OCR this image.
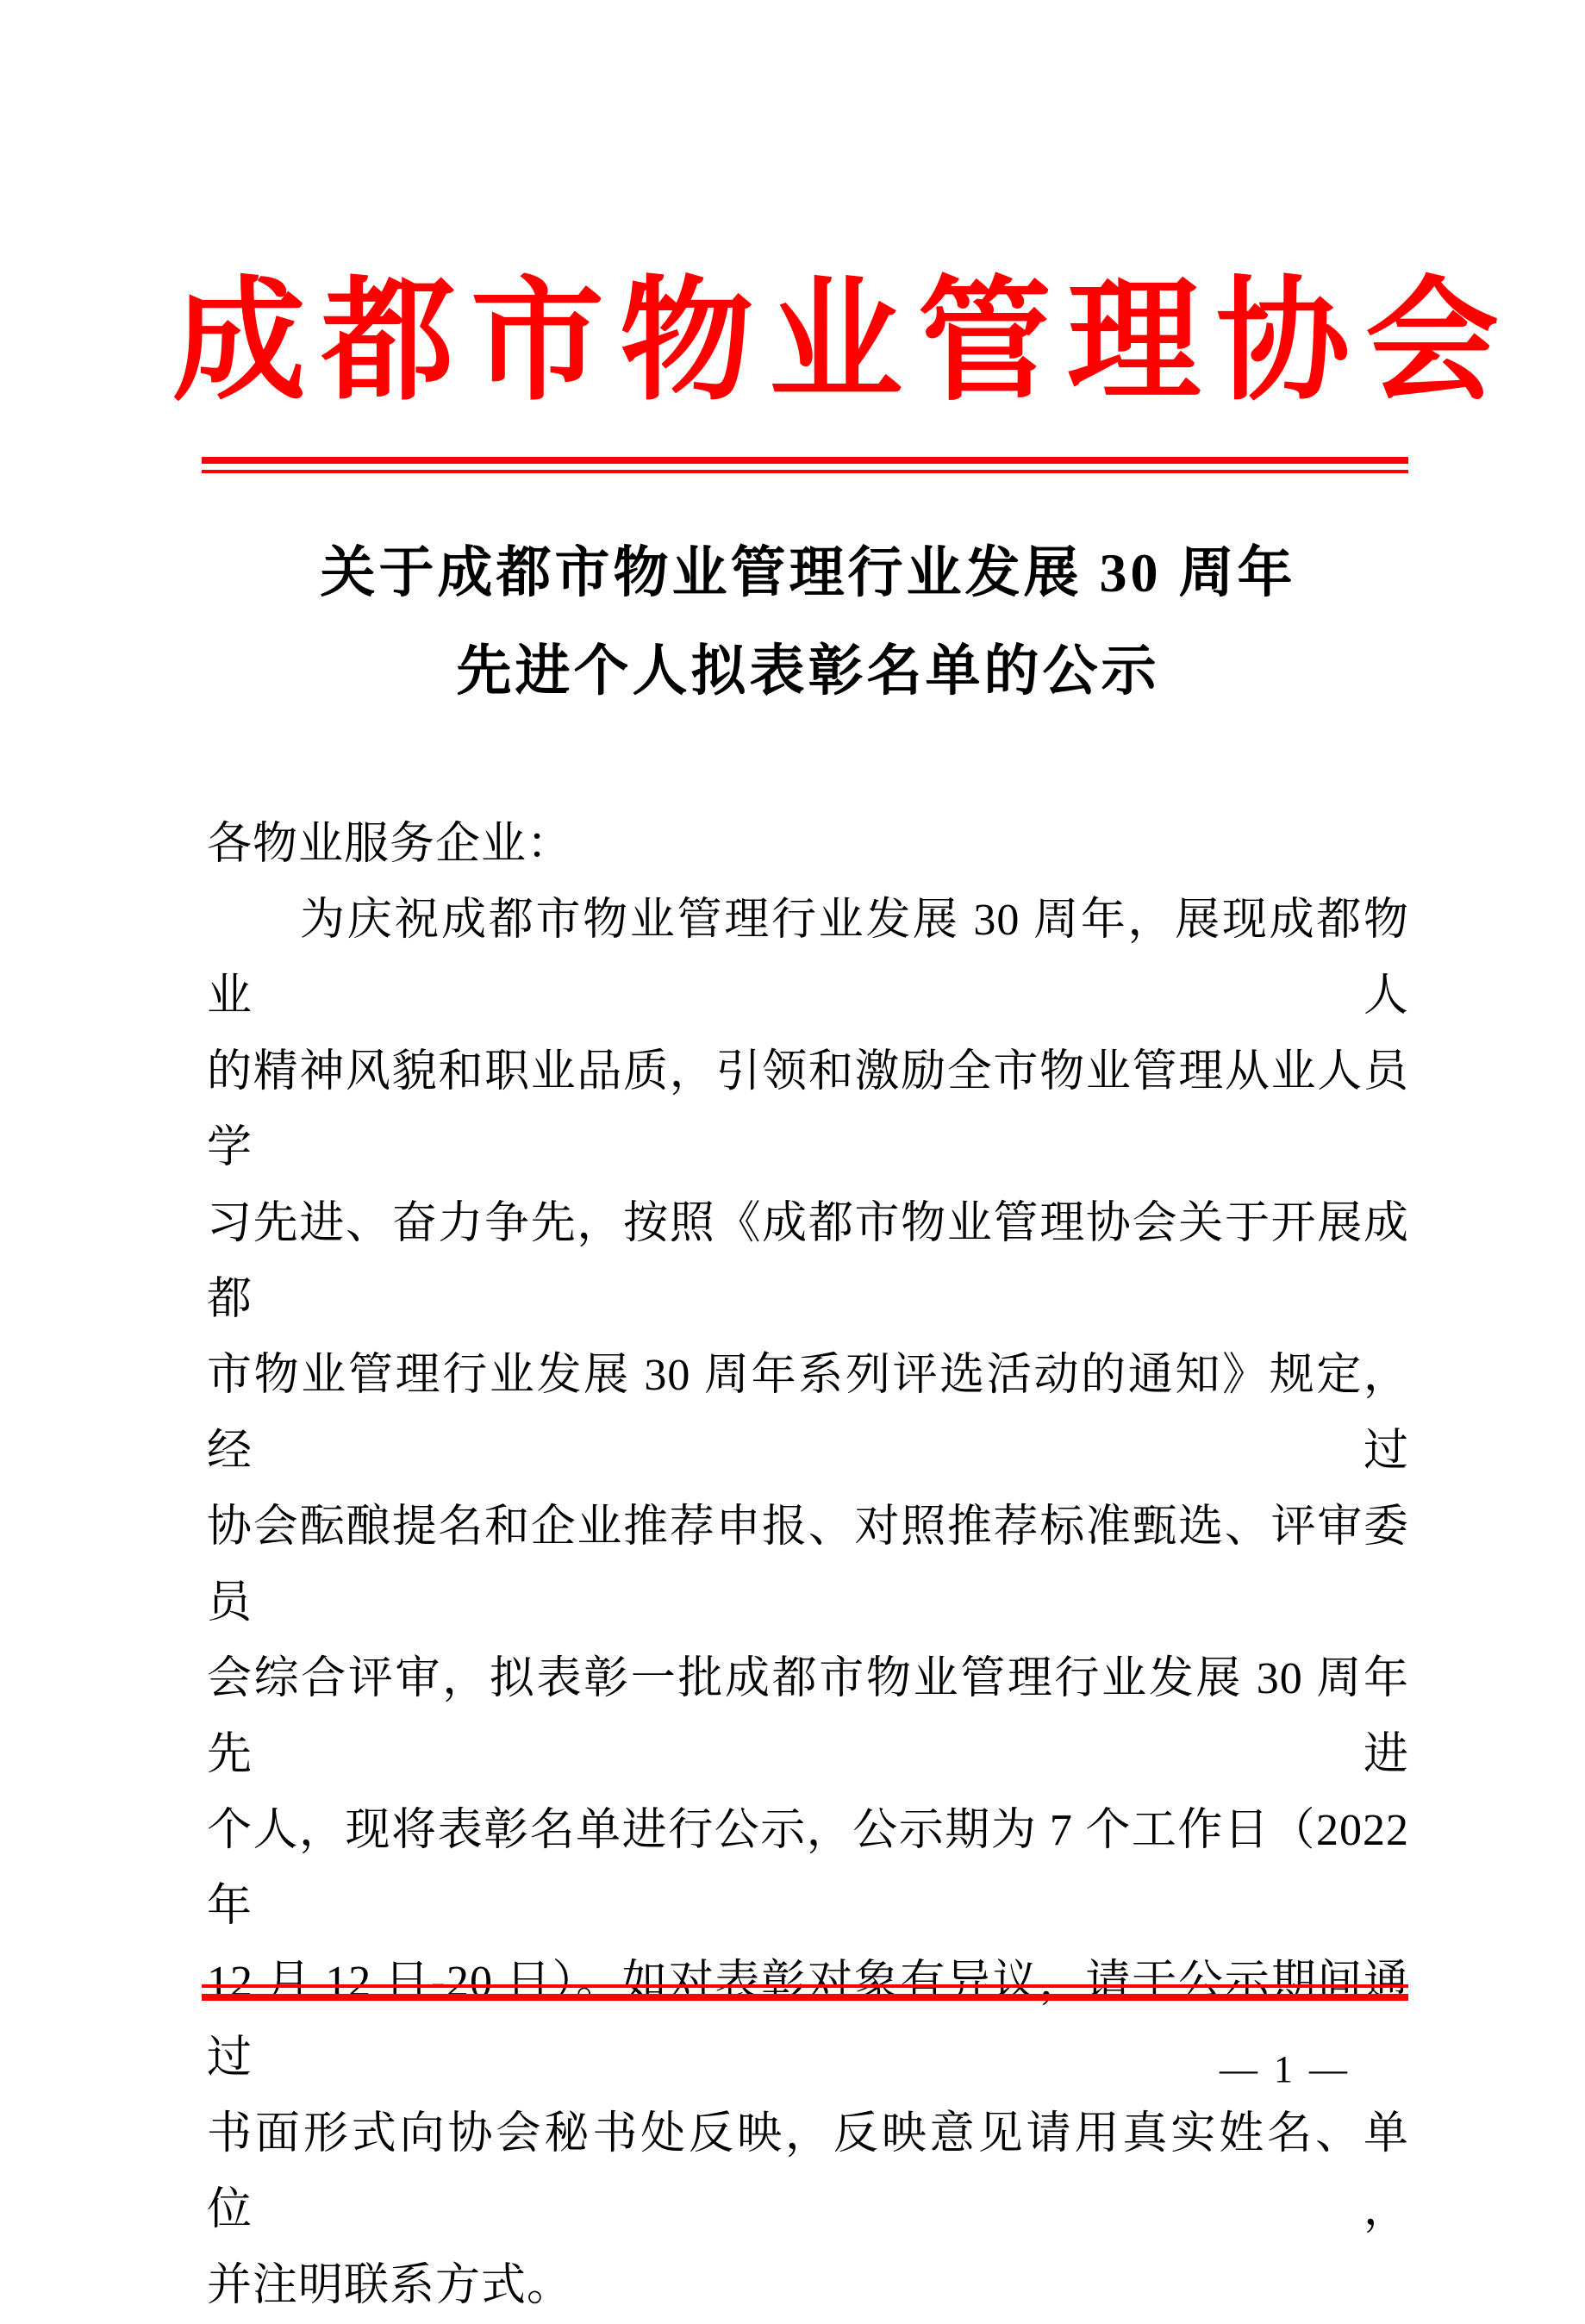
成都市物业管理协会
关于成都市物业管理行业发展 30 周年
先进个人拟表彰名单的公示
各物业服务企业：
为庆祝成都市物业管理行业发展 30 周年，展现成都物业人
的精神风貌和职业品质，引领和激励全市物业管理从业人员学
习先进、奋力争先，按照《成都市物业管理协会关于开展成都
市物业管理行业发展 30 周年系列评选活动的通知》规定，经过
协会酝酿提名和企业推荐申报、对照推荐标准甄选、评审委员
会综合评审，拟表彰一批成都市物业管理行业发展 30 周年先进
个人，现将表彰名单进行公示，公示期为 7 个工作日（2022 年
12 月 12 日-20 日）。如对表彰对象有异议，请于公示期间通过
书面形式向协会秘书处反映，反映意见请用真实姓名、单位，
并注明联系方式。
— 1 —
